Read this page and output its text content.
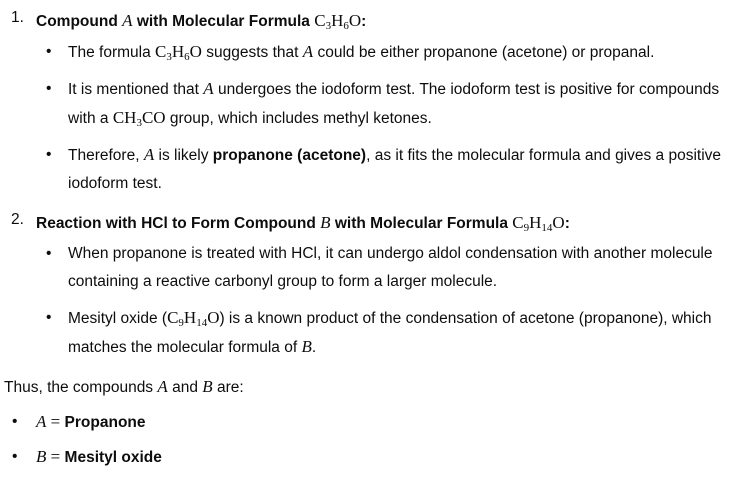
1. Compound A with Molecular Formula $C_3H_6O$:

• The formula $C_3H_6O$ suggests that A could be either propanone (acetone) or propanal.
• It is mentioned that A undergoes the iodoform test. The iodoform test is positive for compounds with a $CH_3CO$ group, which includes methyl ketones.
• Therefore, A is likely propanone (acetone), as it fits the molecular formula and gives a positive iodoform test.
2. Reaction with HCl to Form Compound B with Molecular Formula $C_9H_{14}O$:

• When propanone is treated with HCl, it can undergo aldol condensation with another molecule containing a reactive carbonyl group to form a larger molecule.
• Mesityl oxide $(C_9H_{14}O)$ is a known product of the condensation of acetone (propanone), which matches the molecular formula of B.

Thus, the compounds A and B are:

• A = Propanone
• B = Mesityl oxide
